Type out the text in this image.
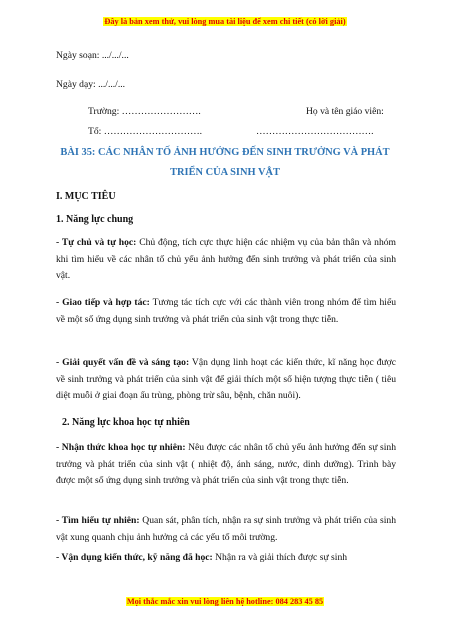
Đây là bản xem thử, vui lòng mua tài liệu để xem chi tiết (có lời giải)
Ngày soạn: .../.../...
Ngày dạy: .../.../...
Trường: …………………….	Họ và tên giáo viên:
Tổ: ………………………….	……………………………….
BÀI 35: CÁC NHÂN TỐ ẢNH HƯỞNG ĐẾN SINH TRƯỞNG VÀ PHÁT
TRIỂN CỦA SINH VẬT
I. MỤC TIÊU
1. Năng lực chung
- Tự chủ và tự học: Chủ động, tích cực thực hiện các nhiệm vụ của bản thân và nhóm khi tìm hiểu về các nhân tố chủ yếu ảnh hưởng đến sinh trưởng và phát triển của sinh vật.
- Giao tiếp và hợp tác: Tương tác tích cực với các thành viên trong nhóm để tìm hiểu về một số ứng dụng sinh trưởng và phát triển của sinh vật trong thực tiễn.
- Giải quyết vấn đề và sáng tạo: Vận dụng linh hoạt các kiến thức, kĩ năng học được về sinh trưởng và phát triển của sinh vật để giải thích một số hiện tượng thực tiễn ( tiêu diệt muỗi ở giai đoạn ấu trùng, phòng trừ sâu, bệnh, chăn nuôi).
2. Năng lực khoa học tự nhiên
- Nhận thức khoa học tự nhiên: Nêu được các nhân tố chủ yếu ảnh hưởng đến sự sinh trưởng và phát triển của sinh vật ( nhiệt độ, ánh sáng, nước, dinh dưỡng). Trình bày được một số ứng dụng sinh trưởng và phát triển của sinh vật trong thực tiễn.
- Tìm hiểu tự nhiên: Quan sát, phân tích, nhận ra sự sinh trưởng và phát triển của sinh vật xung quanh chịu ảnh hưởng cả các yếu tố môi trường.
- Vận dụng kiến thức, kỹ năng đã học: Nhận ra và giải thích được sự sinh
Mọi thắc mắc xin vui lòng liên hệ hotline: 084 283 45 85
